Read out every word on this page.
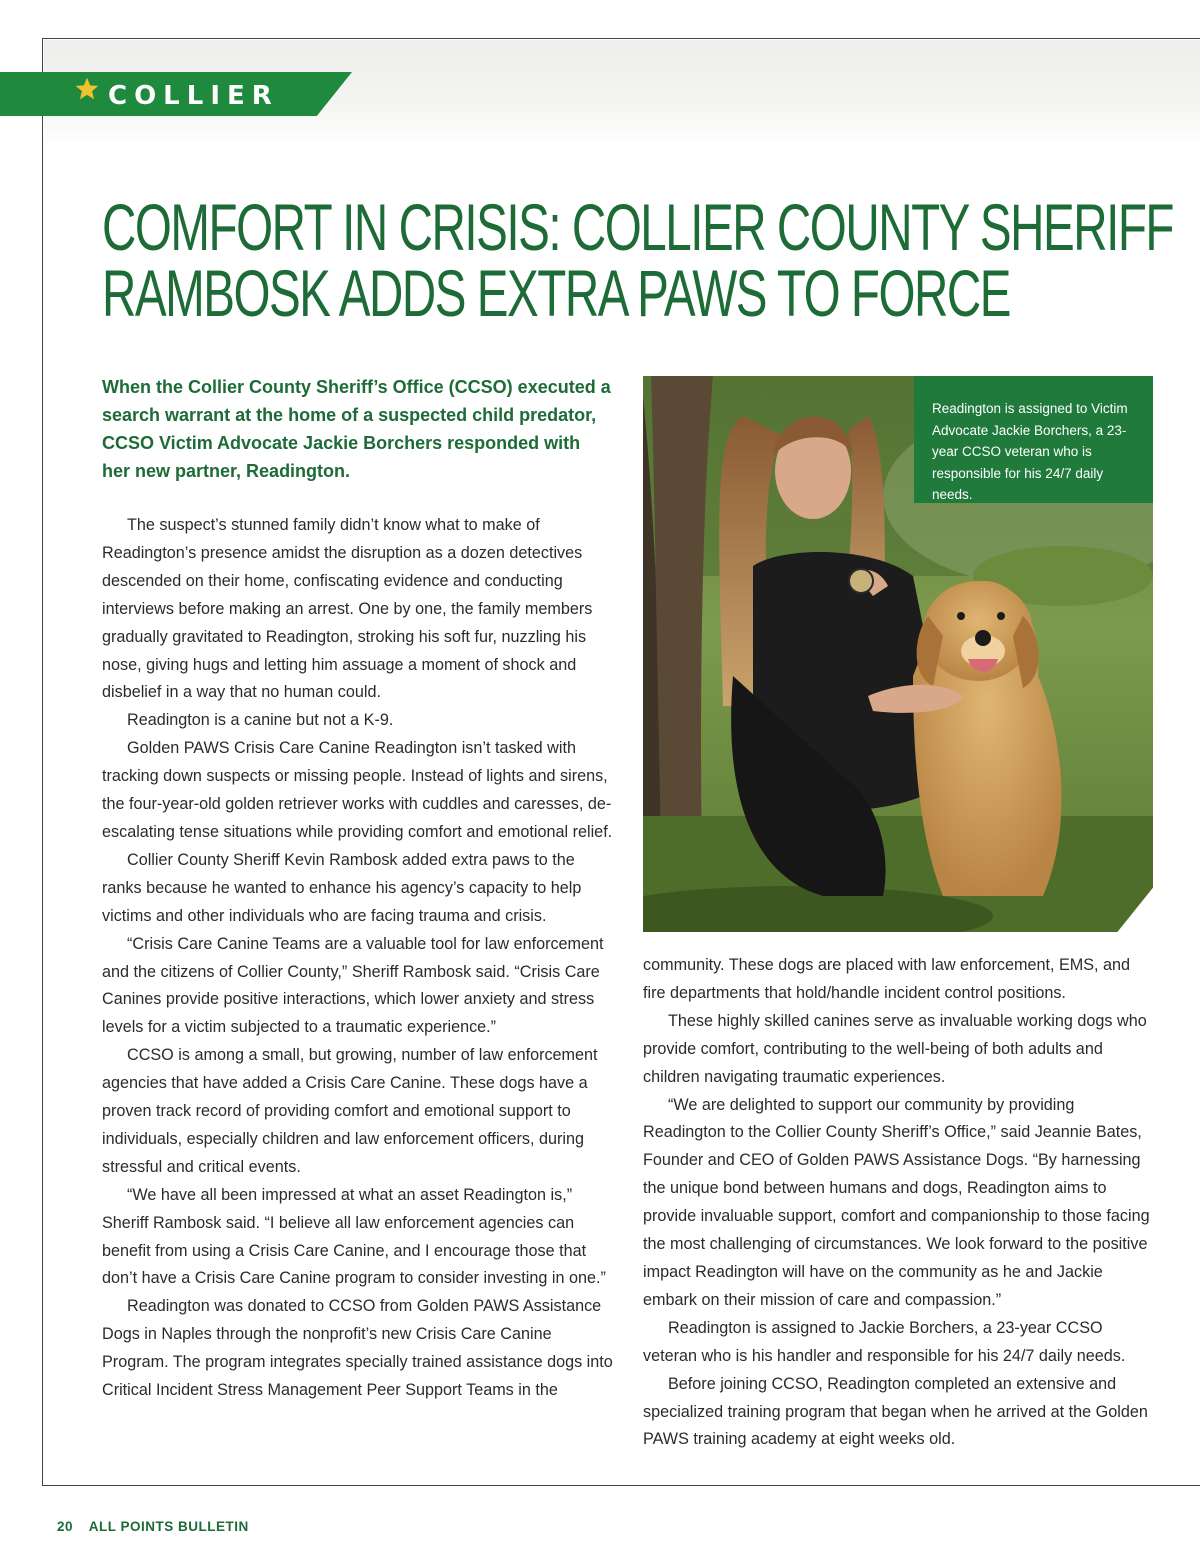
COLLIER
COMFORT IN CRISIS: COLLIER COUNTY SHERIFF
RAMBOSK ADDS EXTRA PAWS TO FORCE

When the Collier County Sheriff’s Office (CCSO) executed a search warrant at the home of a suspected child predator, CCSO Victim Advocate Jackie Borchers responded with her new partner, Readington.

The suspect’s stunned family didn’t know what to make of Readington’s presence amidst the disruption as a dozen detectives descended on their home, confiscating evidence and conducting interviews before making an arrest. One by one, the family members gradually gravitated to Readington, stroking his soft fur, nuzzling his nose, giving hugs and letting him assuage a moment of shock and disbelief in a way that no human could.

Readington is a canine but not a K-9.

Golden PAWS Crisis Care Canine Readington isn’t tasked with tracking down suspects or missing people. Instead of lights and sirens, the four-year-old golden retriever works with cuddles and caresses, de-escalating tense situations while providing comfort and emotional relief.

Collier County Sheriff Kevin Rambosk added extra paws to the ranks because he wanted to enhance his agency’s capacity to help victims and other individuals who are facing trauma and crisis.

“Crisis Care Canine Teams are a valuable tool for law enforcement and the citizens of Collier County,” Sheriff Rambosk said. “Crisis Care Canines provide positive interactions, which lower anxiety and stress levels for a victim subjected to a traumatic experience.”

CCSO is among a small, but growing, number of law enforcement agencies that have added a Crisis Care Canine. These dogs have a proven track record of providing comfort and emotional support to individuals, especially children and law enforcement officers, during stressful and critical events.

“We have all been impressed at what an asset Readington is,” Sheriff Rambosk said. “I believe all law enforcement agencies can benefit from using a Crisis Care Canine, and I encourage those that don’t have a Crisis Care Canine program to consider investing in one.”

Readington was donated to CCSO from Golden PAWS Assistance Dogs in Naples through the nonprofit’s new Crisis Care Canine Program. The program integrates specially trained assistance dogs into Critical Incident Stress Management Peer Support Teams in the

Readington is assigned to Victim Advocate Jackie Borchers, a 23-year CCSO veteran who is responsible for his 24/7 daily needs.

community. These dogs are placed with law enforcement, EMS, and fire departments that hold/handle incident control positions.

These highly skilled canines serve as invaluable working dogs who provide comfort, contributing to the well-being of both adults and children navigating traumatic experiences.

“We are delighted to support our community by providing Readington to the Collier County Sheriff’s Office,” said Jeannie Bates, Founder and CEO of Golden PAWS Assistance Dogs. “By harnessing the unique bond between humans and dogs, Readington aims to provide invaluable support, comfort and companionship to those facing the most challenging of circumstances. We look forward to the positive impact Readington will have on the community as he and Jackie embark on their mission of care and compassion.”

Readington is assigned to Jackie Borchers, a 23-year CCSO veteran who is his handler and responsible for his 24/7 daily needs.

Before joining CCSO, Readington completed an extensive and specialized training program that began when he arrived at the Golden PAWS training academy at eight weeks old.

20 ALL POINTS BULLETIN
